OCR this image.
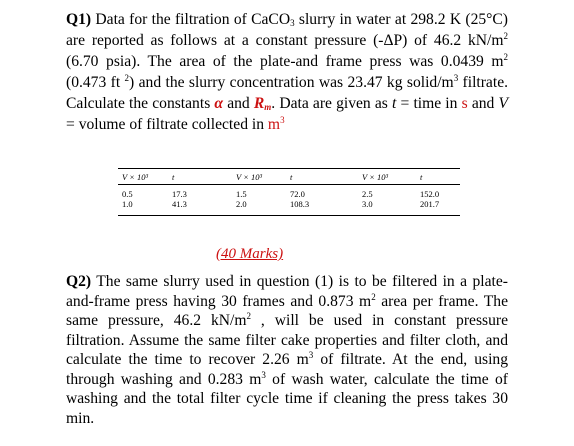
Q1) Data for the filtration of CaCO$_3$ slurry in water at 298.2 K (25°C) are reported as follows at a constant pressure (-ΔP) of 46.2 $kN/m^2$ (6.70 psia). The area of the plate-and frame press was 0.0439 $m^2$ (0.473 ft $^2$) and the slurry concentration was 23.47 kg solid/$m^3$ filtrate. Calculate the constants α and $R_m$. Data are given as t = time in s and V = volume of filtrate collected in $m^3$

V × 10³	t	V × 10³	t	V × 10³	t
0.5	17.3	1.5	72.0	2.5	152.0
1.0	41.3	2.0	108.3	3.0	201.7
(40 Marks)

Q2) The same slurry used in question (1) is to be filtered in a plate-and-frame press having 30 frames and 0.873 $m^2$ area per frame. The same pressure, 46.2 $kN/m^2$ , will be used in constant pressure filtration. Assume the same filter cake properties and filter cloth, and calculate the time to recover 2.26 $m^3$ of filtrate. At the end, using through washing and 0.283 $m^3$ of wash water, calculate the time of washing and the total filter cycle time if cleaning the press takes 30 min.
